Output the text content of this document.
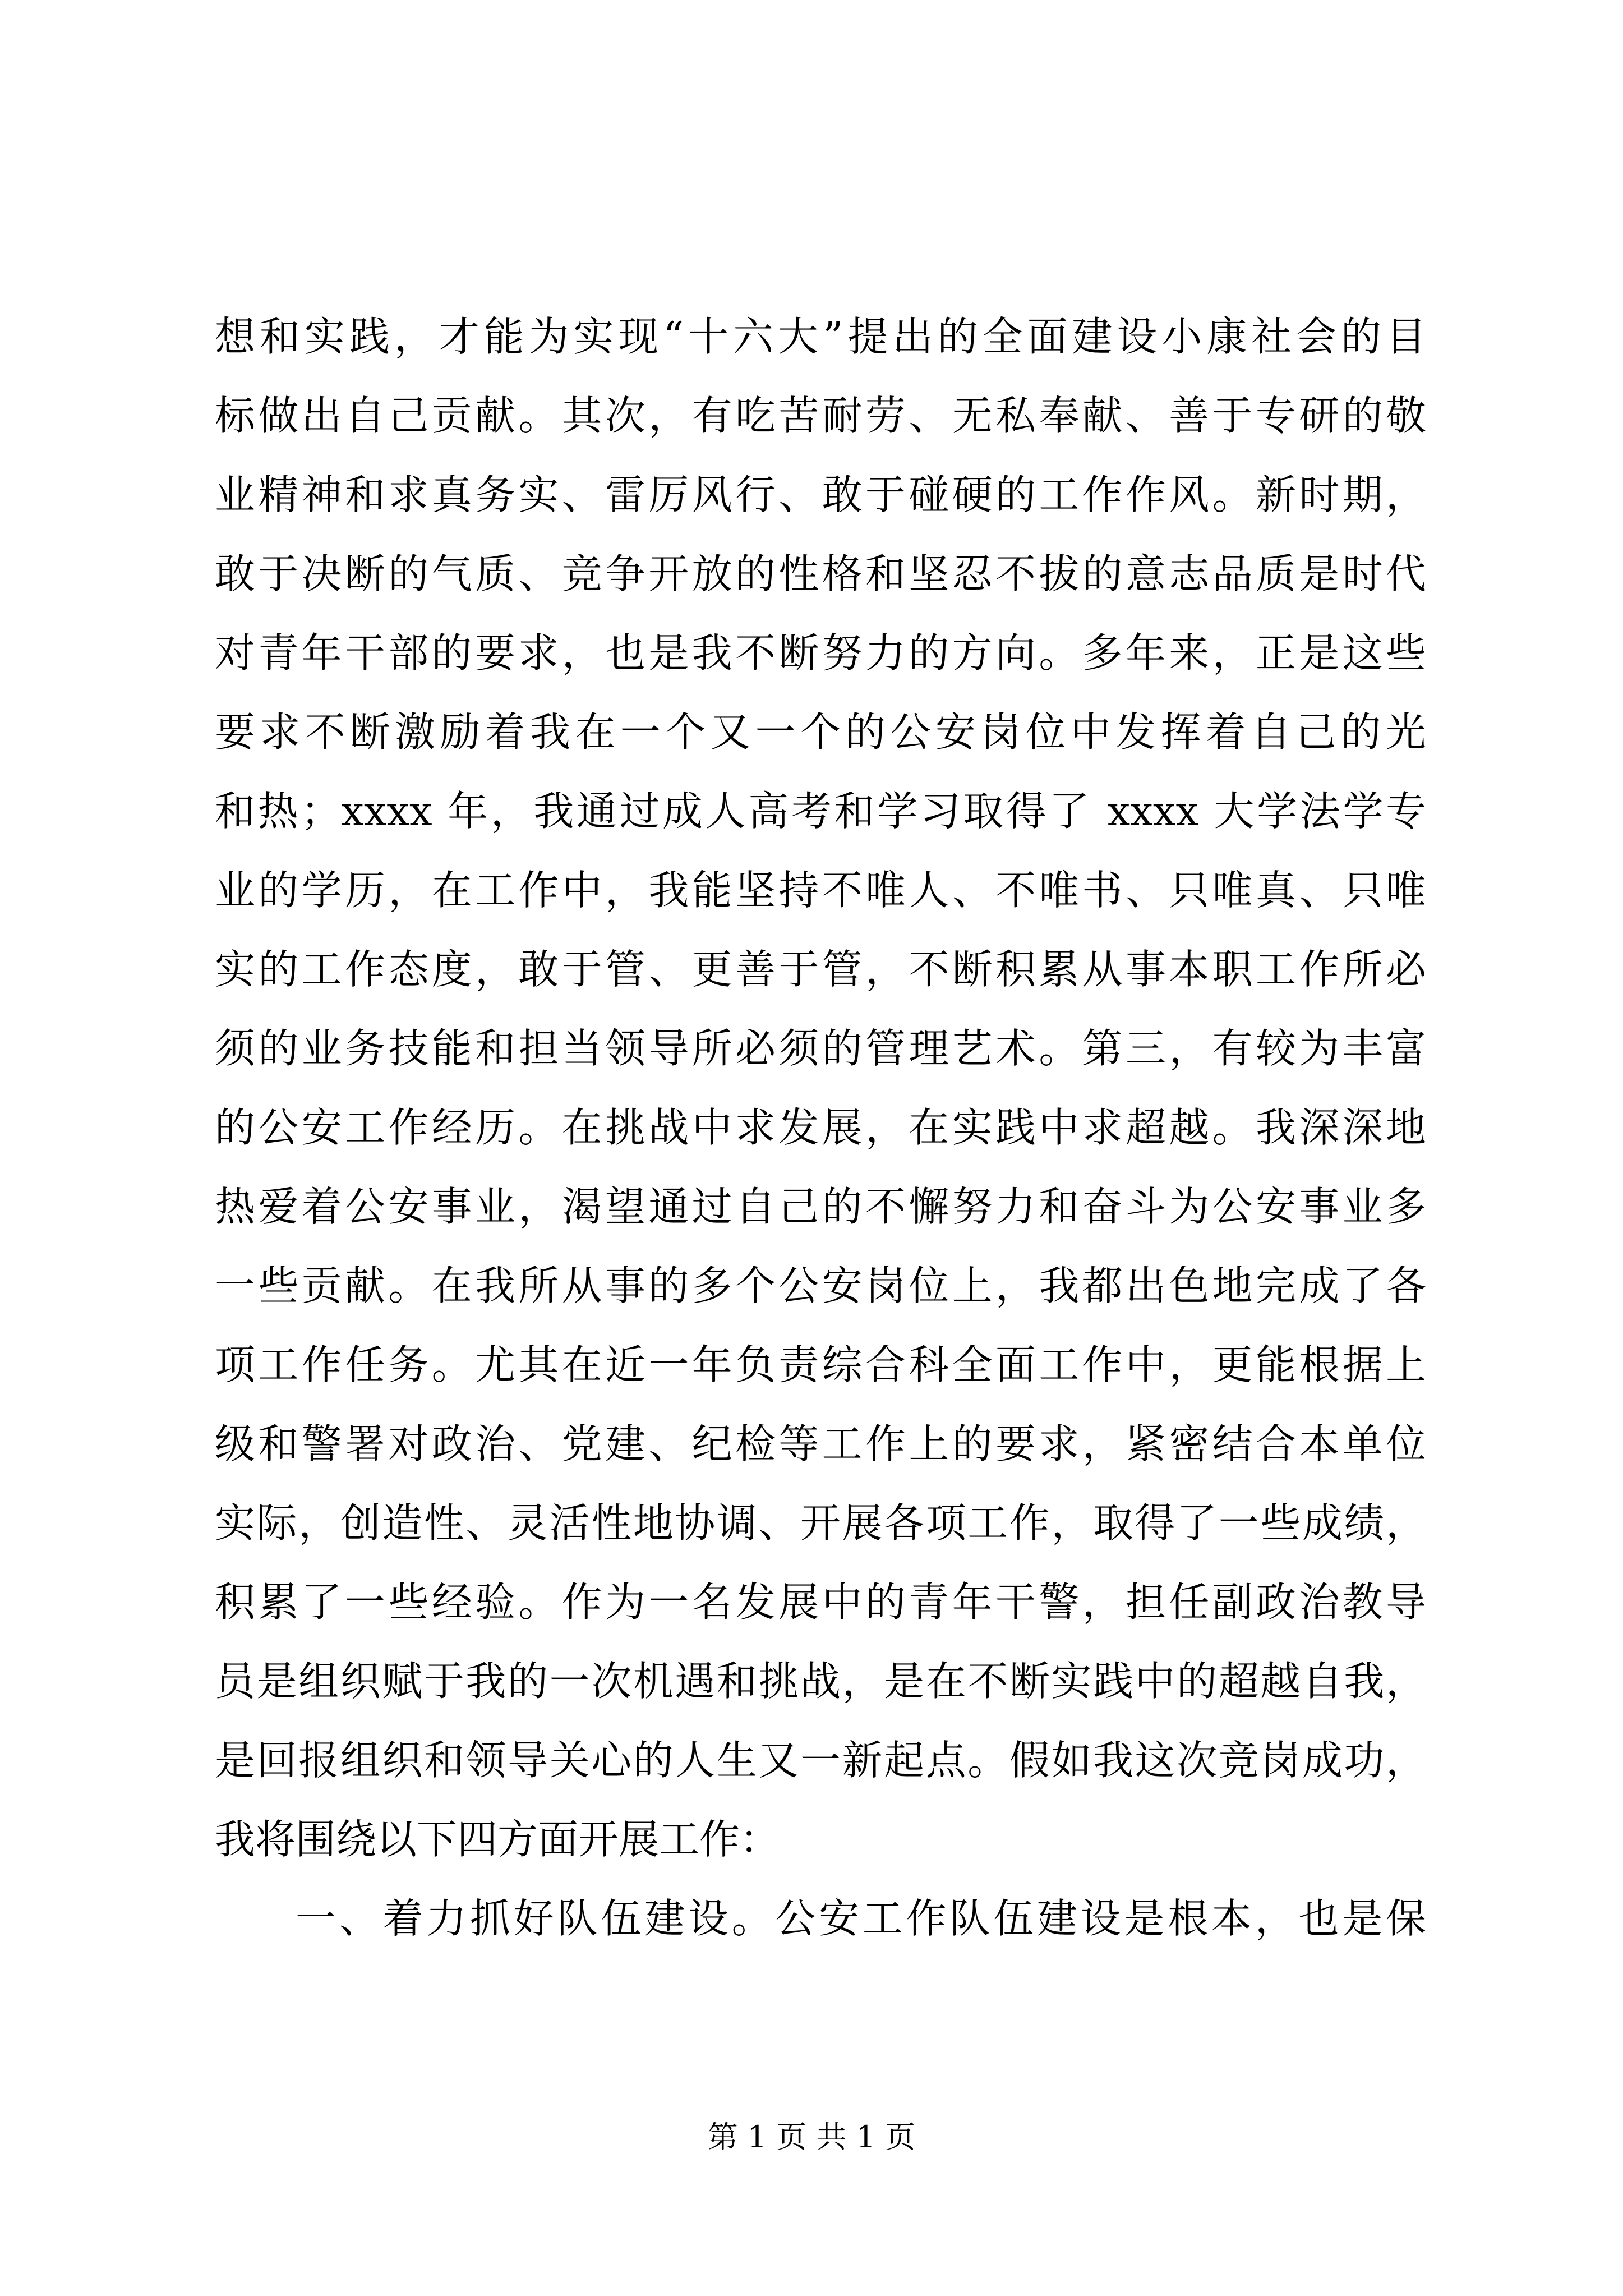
想和实践，才能为实现“十六大”提出的全面建设小康社会的目
标做出自己贡献。其次，有吃苦耐劳、无私奉献、善于专研的敬
业精神和求真务实、雷厉风行、敢于碰硬的工作作风。新时期，
敢于决断的气质、竞争开放的性格和坚忍不拔的意志品质是时代
对青年干部的要求，也是我不断努力的方向。多年来，正是这些
要求不断激励着我在一个又一个的公安岗位中发挥着自己的光
和热；xxxx 年，我通过成人高考和学习取得了 xxxx 大学法学专
业的学历，在工作中，我能坚持不唯人、不唯书、只唯真、只唯
实的工作态度，敢于管、更善于管，不断积累从事本职工作所必
须的业务技能和担当领导所必须的管理艺术。第三，有较为丰富
的公安工作经历。在挑战中求发展，在实践中求超越。我深深地
热爱着公安事业，渴望通过自己的不懈努力和奋斗为公安事业多
一些贡献。在我所从事的多个公安岗位上，我都出色地完成了各
项工作任务。尤其在近一年负责综合科全面工作中，更能根据上
级和警署对政治、党建、纪检等工作上的要求，紧密结合本单位
实际，创造性、灵活性地协调、开展各项工作，取得了一些成绩，
积累了一些经验。作为一名发展中的青年干警，担任副政治教导
员是组织赋于我的一次机遇和挑战，是在不断实践中的超越自我，
是回报组织和领导关心的人生又一新起点。假如我这次竞岗成功，
我将围绕以下四方面开展工作：
一、着力抓好队伍建设。公安工作队伍建设是根本，也是保
第 1 页 共 1 页
